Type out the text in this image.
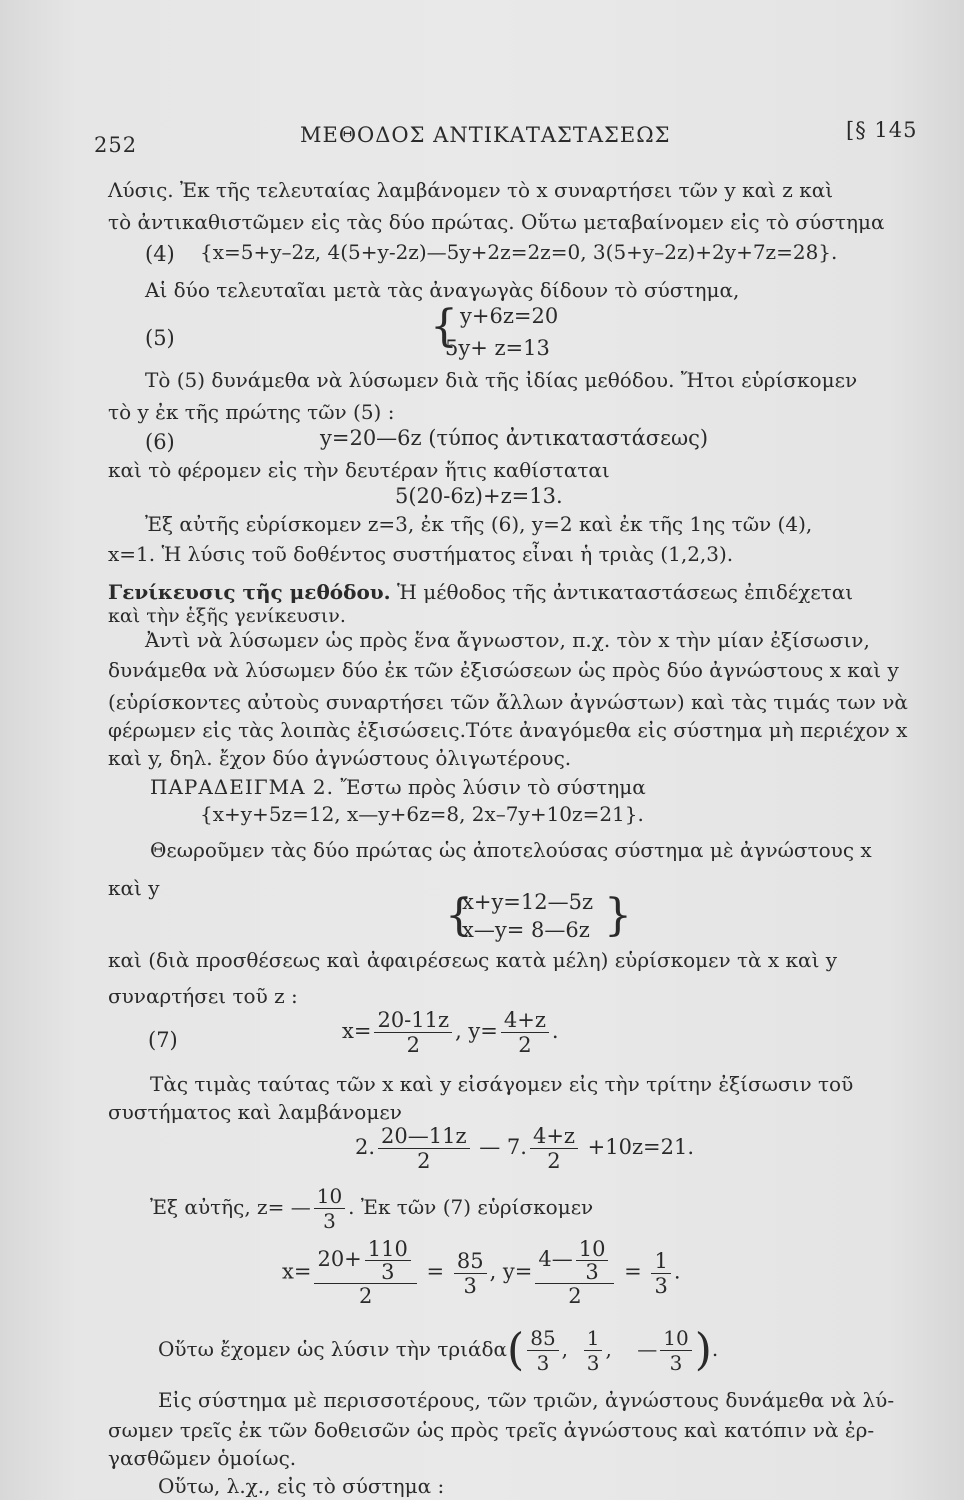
252	ΜΕΘΟΔΟΣ ΑΝΤΙΚΑΤΑΣΤΑΣΕΩΣ	[§ 145
Λύσις. Ἐκ τῆς τελευταίας λαμβάνομεν τὸ x συναρτήσει τῶν y καὶ z καὶ
τὸ ἀντικαθιστῶμεν εἰς τὰς δύο πρώτας. Οὕτω μεταβαίνομεν εἰς τὸ σύστημα
(4) {x=5+y–2z, 4(5+y-2z)—5y+2z=2z=0, 3(5+y–2z)+2y+7z=28}.
Αἱ δύο τελευταῖαι μετὰ τὰς ἀναγωγὰς δίδουν τὸ σύστημα,
(5)	{ y+6z=20
5y+ z=13
Τὸ (5) δυνάμεθα νὰ λύσωμεν διὰ τῆς ἰδίας μεθόδου. Ἤτοι εὑρίσκομεν
τὸ y ἐκ τῆς πρώτης τῶν (5) :
(6)	y=20—6z (τύπος ἀντικαταστάσεως)
καὶ τὸ φέρομεν εἰς τὴν δευτέραν ἥτις καθίσταται
5(20-6z)+z=13.
Ἐξ αὐτῆς εὑρίσκομεν z=3, ἐκ τῆς (6), y=2 καὶ ἐκ τῆς 1ης τῶν (4),
x=1. Ἡ λύσις τοῦ δοθέντος συστήματος εἶναι ἡ τριὰς (1,2,3).
Γενίκευσις τῆς μεθόδου. Ἡ μέθοδος τῆς ἀντικαταστάσεως ἐπιδέχεται
καὶ τὴν ἑξῆς γενίκευσιν.
Ἀντὶ νὰ λύσωμεν ὡς πρὸς ἕνα ἄγνωστον, π.χ. τὸν x τὴν μίαν ἐξίσωσιν,
δυνάμεθα νὰ λύσωμεν δύο ἐκ τῶν ἐξισώσεων ὡς πρὸς δύο ἀγνώστους x καὶ y
(εὑρίσκοντες αὐτοὺς συναρτήσει τῶν ἄλλων ἀγνώστων) καὶ τὰς τιμάς των νὰ
φέρωμεν εἰς τὰς λοιπὰς ἐξισώσεις.Τότε ἀναγόμεθα εἰς σύστημα μὴ περιέχον x
καὶ y, δηλ. ἔχον δύο ἀγνώστους ὀλιγωτέρους.
ΠΑΡΑΔΕΙΓΜΑ 2. Ἔστω πρὸς λύσιν τὸ σύστημα
{x+y+5z=12, x—y+6z=8, 2x–7y+10z=21}.
Θεωροῦμεν τὰς δύο πρώτας ὡς ἀποτελούσας σύστημα μὲ ἀγνώστους x
καὶ y
{
x+y=12—5z
x—y= 8—6z }
καὶ (διὰ προσθέσεως καὶ ἀφαιρέσεως κατὰ μέλη) εὑρίσκομεν τὰ x καὶ y
συναρτήσει τοῦ z :
(7)	$x= \frac{20-11z}{2}$ , $y= \frac{4+z}{2}$ .
Τὰς τιμὰς ταύτας τῶν x καὶ y εἰσάγομεν εἰς τὴν τρίτην ἐξίσωσιν τοῦ
συστήματος καὶ λαμβάνομεν
2. $\frac{20—11z}{2}$ — 7. $\frac{4+z}{2} +10z=21$.
Ἐξ αὐτῆς, z= — $\frac{10}{3}$ . Ἐκ τῶν (7) εὑρίσκομεν
$x= \frac{20+ \frac{110}{3}}{2} = \frac{85}{3}$ , $y= \frac{4— \frac{10}{3}}{2} = \frac{1}{3}$ .
Οὕτω ἔχομεν ὡς λύσιν τὴν $\tau\rho\iota ά\delta\alpha( \frac{85}{3}$ , $\frac{1}{3}$ ,    — $\frac{10}{3}$ ).
Εἰς σύστημα μὲ περισσοτέρους, τῶν τριῶν, ἀγνώστους δυνάμεθα νὰ λύ-
σωμεν τρεῖς ἐκ τῶν δοθεισῶν ὡς πρὸς τρεῖς ἀγνώστους καὶ κατόπιν νὰ ἐρ-
γασθῶμεν ὁμοίως.
Οὕτω, λ.χ., εἰς τὸ σύστημα :
